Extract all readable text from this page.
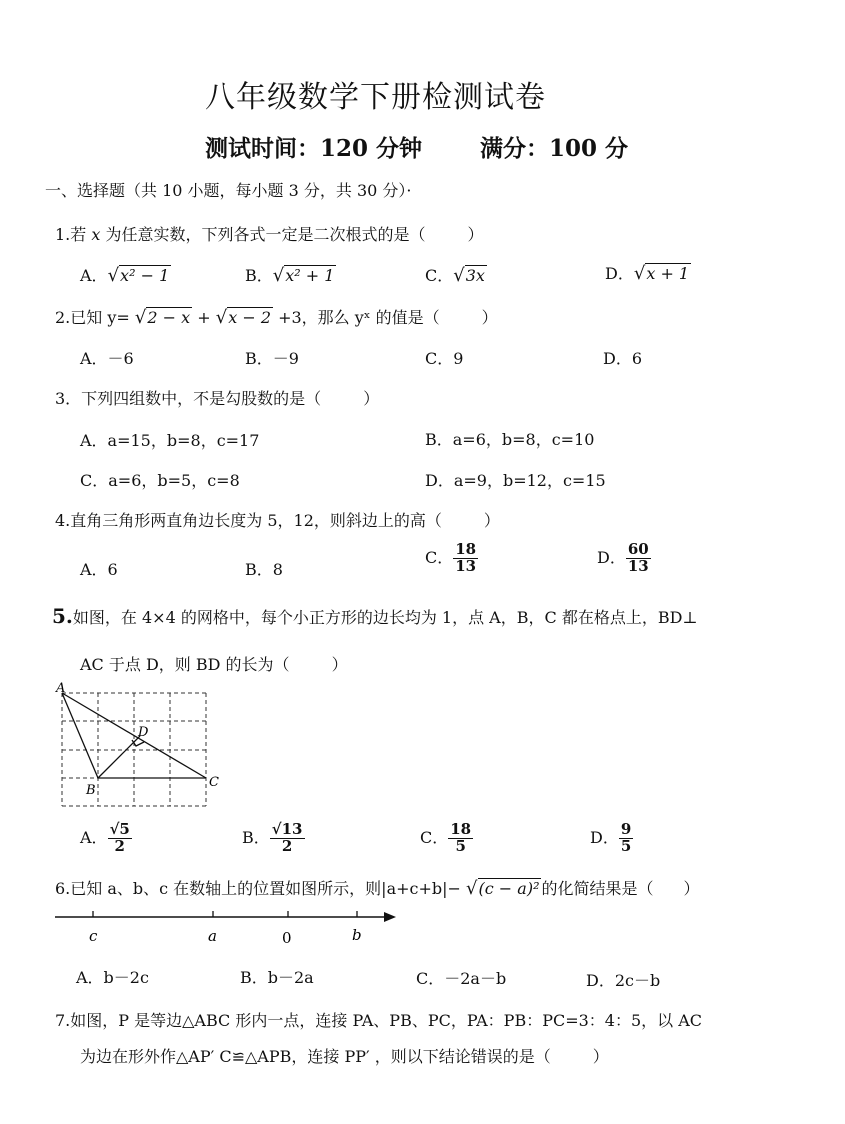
八年级数学下册检测试卷
测试时间：120 分钟	满分：100 分
一、选择题（共 10 小题，每小题 3 分，共 30 分）·
1.若 x 为任意实数，下列各式一定是二次根式的是（	）
A．√x² − 1	B．√x² + 1	C．√3x	D．√x + 1
2.已知 y= √2 − x + √x − 2 +3，那么 yˣ 的值是（	）
A．－6	B．－9	C．9	D．6
3．下列四组数中，不是勾股数的是（	）
A．a=15，b=8，c=17	B．a=6，b=8，c=10
C．a=6，b=5，c=8	D．a=9，b=12，c=15
4.直角三角形两直角边长度为 5，12，则斜边上的高（	）
A．6	B．8
C． $\frac{18}{13}$	D． $\frac{60}{13}$
5.如图，在 4×4 的网格中，每个小正方形的边长均为 1，点 A，B，C 都在格点上，BD⊥
AC 于点 D，则 BD 的长为（	）
A
B
C
D
A． $\frac{√5}{2}$	B． $\frac{√13}{2}$	C． $\frac{18}{5}$	D． $\frac{9}{5}$
6.已知 a、b、c 在数轴上的位置如图所示，则|a+c+b|− √(c − a)² 的化简结果是（ ）
c	a	0	b
A．b－2c	B．b－2a	C．－2a－b	D．2c－b
7.如图，P 是等边△ABC 形内一点，连接 PA、PB、PC，PA：PB：PC=3：4：5，以 AC
为边在形外作△AP′ C≌△APB，连接 PP′ ，则以下结论错误的是（	）
